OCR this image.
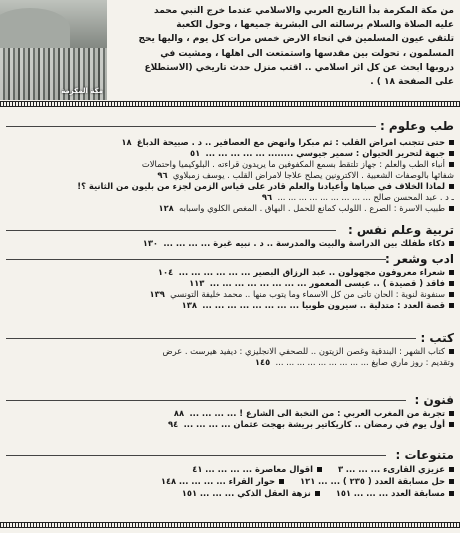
مكة المكرمة
من مكة المكرمة بدأ التاريخ العربي والاسلامي عندما خرج النبي محمد
عليه الصلاة والسلام برسالته الى البشرية جميعها ، وحول الكعبة
تلتقي عيون المسلمين في انحاء الارض خمس مرات كل يوم ، واليها يحج
المسلمون ، تحولت بين مقدسها واستمتعت الى اهلها ، ومشيت في
دروبها ابحث عن كل اثر اسلامي .. اقتب منزل حدث تاريخي (الاستطلاع
على الصفحة ١٨ ) .
طب وعلوم :
حتى تتجنب امراض القلب : ثم مبكرا وانهض مع العصافير .. د . صبيحة الدباغ  ١٨
جبهة لتحرير الحيوان : سمير جيوسي ........ ... ... ... ... ...  ٥١
أنباء الطب والعلم : جهاز تلتقط بسمع المكفوفين ما يريدون قراءته . البلوكيميا واحتمالات
شفائها بالوصفات الشعبية . الاكترونين يصلح علاجا لامراض القلب . يوسف زمبلاوي  ٩٦
لماذا الخلاف في صباها وأعيادنا والعلم قادر على قياس الزمن لجزء من بليون من الثانية ؟!
ـ د . عبد المحسن صالح ... ... ... ... ... ... ... ... ...  ٩٦
طبيب الاسرة : الصرع . اللولب كمانع للحمل . البهاق . المغص الكلوي واسبابه  ١٢٨
تربية وعلم نفس :
ذكاء طفلك بين الدراسة والبيت والمدرسة .. د . نبيه غبرة ... ... ... ...  ١٣٠
ادب وشعر :
شعراء معروفون مجهولون .. عبد الرزاق البصير ... ... ... ... ... ...  ١٠٤
فاقد ( قصيدة ) .. عيسى المعمور ... ... ... ... ... ... ... ...  ١١٣
سنفونة لنوية : الحان تاتى من كل الاسماء وما يتوب منها .. محمد خليفة التونسي  ١٣٩
قصة العدد : متدلية .. سيرون طوبيا ... ... ... ... ... ... ... ...  ١٣٨
كتب :
كتاب الشهر : البندقية وغصن الزيتون .. للصحفي الانجليزي : ديفيد هيرست . عرض
وتقديم : روز ماري صايغ ... ... ... ... ... ... ... ... ...  ١٤٥
فنون :
تجربة من المغرب العربي : من النخبة الى الشارع ! ... ... ... ...  ٨٨
أول يوم في رمضان .. كاريكاتير بريشة بهجت عثمان ... ... ... ...  ٩٤
متنوعات :
عزيزي القارىء ... ... ... ٣      اقوال معاصرة ... ... ... ... ٤١
حل مسابقة العدد ( ٢٣٥ ) ... ... ١٢١      حوار القراء ... ... ... ... ١٤٨
مسابقة العدد ... ... ... ١٥١      نزهة العقل الذكي ... ... ... ١٥١
